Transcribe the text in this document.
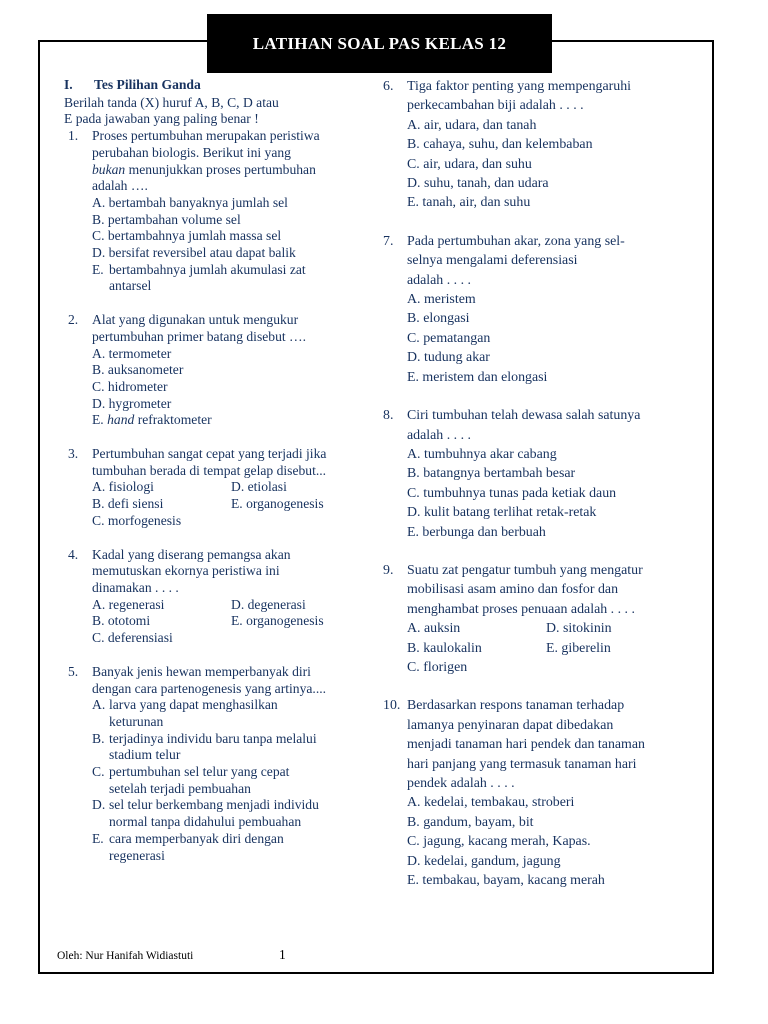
LATIHAN SOAL PAS KELAS 12
I. Tes Pilihan Ganda
Berilah tanda (X) huruf A, B, C, D atau
E pada jawaban yang paling benar !
1. Proses pertumbuhan merupakan peristiwa
perubahan biologis. Berikut ini yang
bukan menunjukkan proses pertumbuhan
adalah ….
A. bertambah banyaknya jumlah sel
B. pertambahan volume sel
C. bertambahnya jumlah massa sel
D. bersifat reversibel atau dapat balik
E. bertambahnya jumlah akumulasi zat
antarsel
2. Alat yang digunakan untuk mengukur
pertumbuhan primer batang disebut ….
A. termometer
B. auksanometer
C. hidrometer
D. hygrometer
E. hand refraktometer
3. Pertumbuhan sangat cepat yang terjadi jika
tumbuhan berada di tempat gelap disebut...
A. fisiologi	D. etiolasi
B. defi siensi	E. organogenesis
C. morfogenesis
4. Kadal yang diserang pemangsa akan
memutuskan ekornya peristiwa ini
dinamakan . . . .
A. regenerasi	D. degenerasi
B. ototomi	E. organogenesis
C. deferensiasi
5. Banyak jenis hewan memperbanyak diri
dengan cara partenogenesis yang artinya....
A. larva yang dapat menghasilkan
keturunan
B. terjadinya individu baru tanpa melalui
stadium telur
C. pertumbuhan sel telur yang cepat
setelah terjadi pembuahan
D. sel telur berkembang menjadi individu
normal tanpa didahului pembuahan
E. cara memperbanyak diri dengan
regenerasi
6. Tiga faktor penting yang mempengaruhi
perkecambahan biji adalah . . . .
A. air, udara, dan tanah
B. cahaya, suhu, dan kelembaban
C. air, udara, dan suhu
D. suhu, tanah, dan udara
E. tanah, air, dan suhu
7. Pada pertumbuhan akar, zona yang sel-
selnya mengalami deferensiasi
adalah . . . .
A. meristem
B. elongasi
C. pematangan
D. tudung akar
E. meristem dan elongasi
8. Ciri tumbuhan telah dewasa salah satunya
adalah . . . .
A. tumbuhnya akar cabang
B. batangnya bertambah besar
C. tumbuhnya tunas pada ketiak daun
D. kulit batang terlihat retak-retak
E. berbunga dan berbuah
9. Suatu zat pengatur tumbuh yang mengatur
mobilisasi asam amino dan fosfor dan
menghambat proses penuaan adalah . . . .
A. auksin	D. sitokinin
B. kaulokalin	E. giberelin
C. florigen
10. Berdasarkan respons tanaman terhadap
lamanya penyinaran dapat dibedakan
menjadi tanaman hari pendek dan tanaman
hari panjang yang termasuk tanaman hari
pendek adalah . . . .
A. kedelai, tembakau, stroberi
B. gandum, bayam, bit
C. jagung, kacang merah, Kapas.
D. kedelai, gandum, jagung
E. tembakau, bayam, kacang merah
Oleh: Nur Hanifah Widiastuti	1
